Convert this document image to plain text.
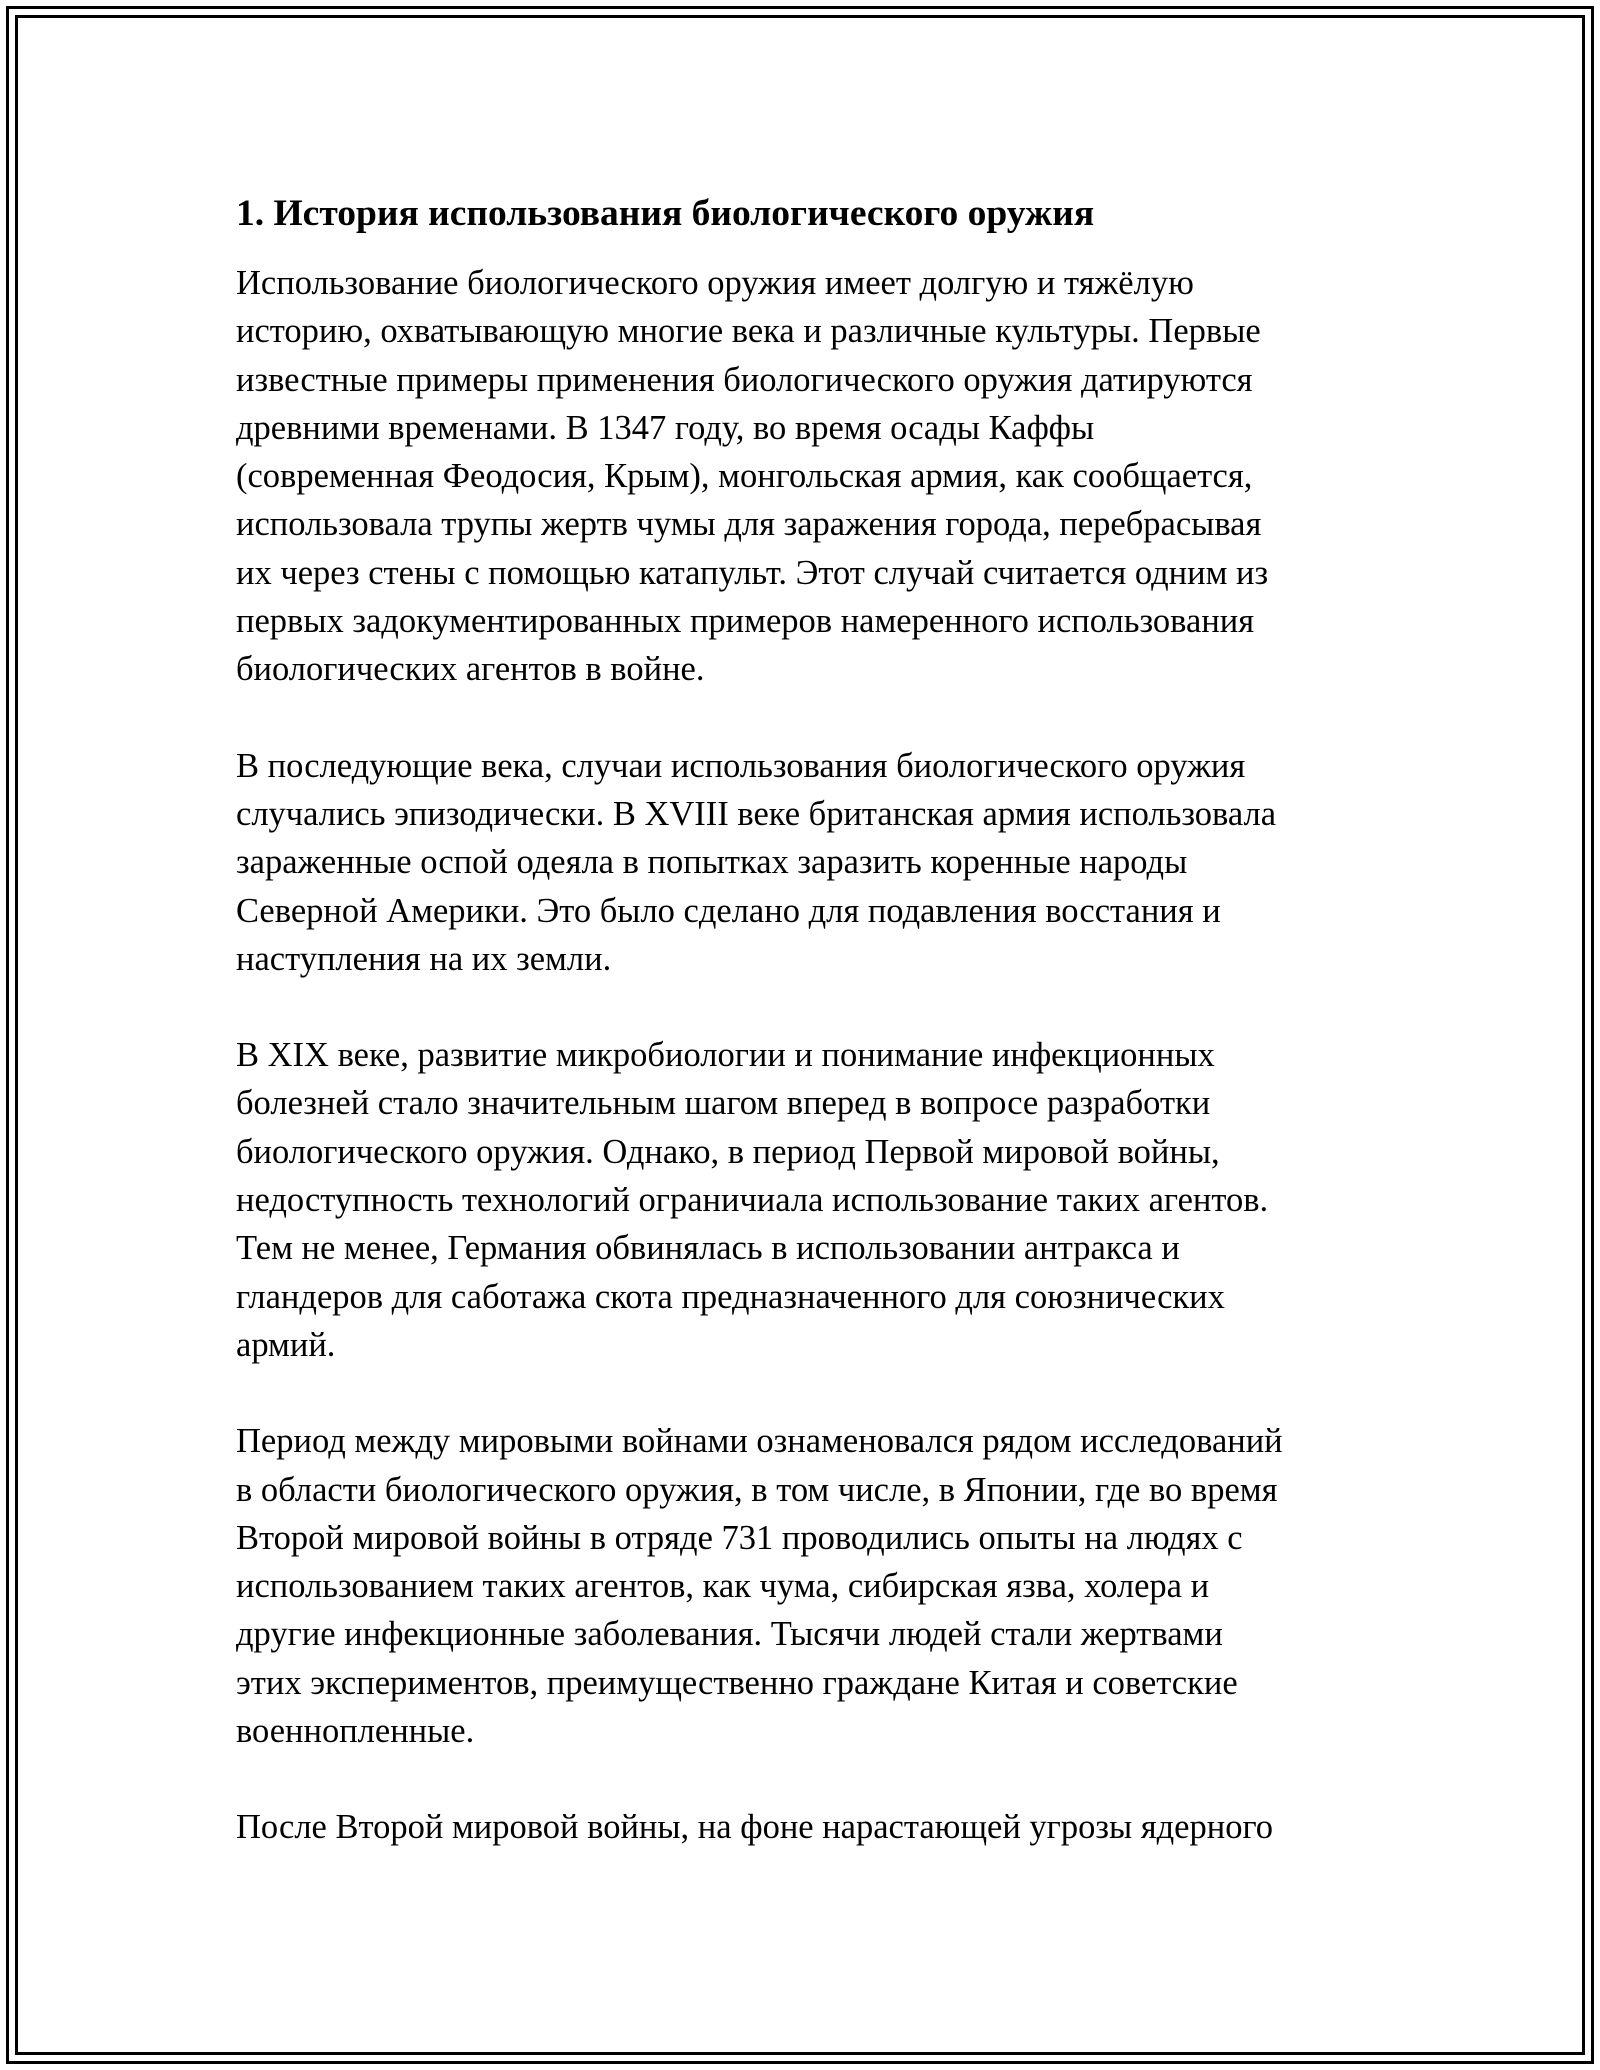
1. История использования биологического оружия

Использование биологического оружия имеет долгую и тяжёлую
историю, охватывающую многие века и различные культуры. Первые
известные примеры применения биологического оружия датируются
древними временами. В 1347 году, во время осады Каффы
(современная Феодосия, Крым), монгольская армия, как сообщается,
использовала трупы жертв чумы для заражения города, перебрасывая
их через стены с помощью катапульт. Этот случай считается одним из
первых задокументированных примеров намеренного использования
биологических агентов в войне.

В последующие века, случаи использования биологического оружия
случались эпизодически. В XVIII веке британская армия использовала
зараженные оспой одеяла в попытках заразить коренные народы
Северной Америки. Это было сделано для подавления восстания и
наступления на их земли.

В XIX веке, развитие микробиологии и понимание инфекционных
болезней стало значительным шагом вперед в вопросе разработки
биологического оружия. Однако, в период Первой мировой войны,
недоступность технологий ограничиала использование таких агентов.
Тем не менее, Германия обвинялась в использовании антракса и
гландеров для саботажа скота предназначенного для союзнических
армий.

Период между мировыми войнами ознаменовался рядом исследований
в области биологического оружия, в том числе, в Японии, где во время
Второй мировой войны в отряде 731 проводились опыты на людях с
использованием таких агентов, как чума, сибирская язва, холера и
другие инфекционные заболевания. Тысячи людей стали жертвами
этих экспериментов, преимущественно граждане Китая и советские
военнопленные.

После Второй мировой войны, на фоне нарастающей угрозы ядерного
